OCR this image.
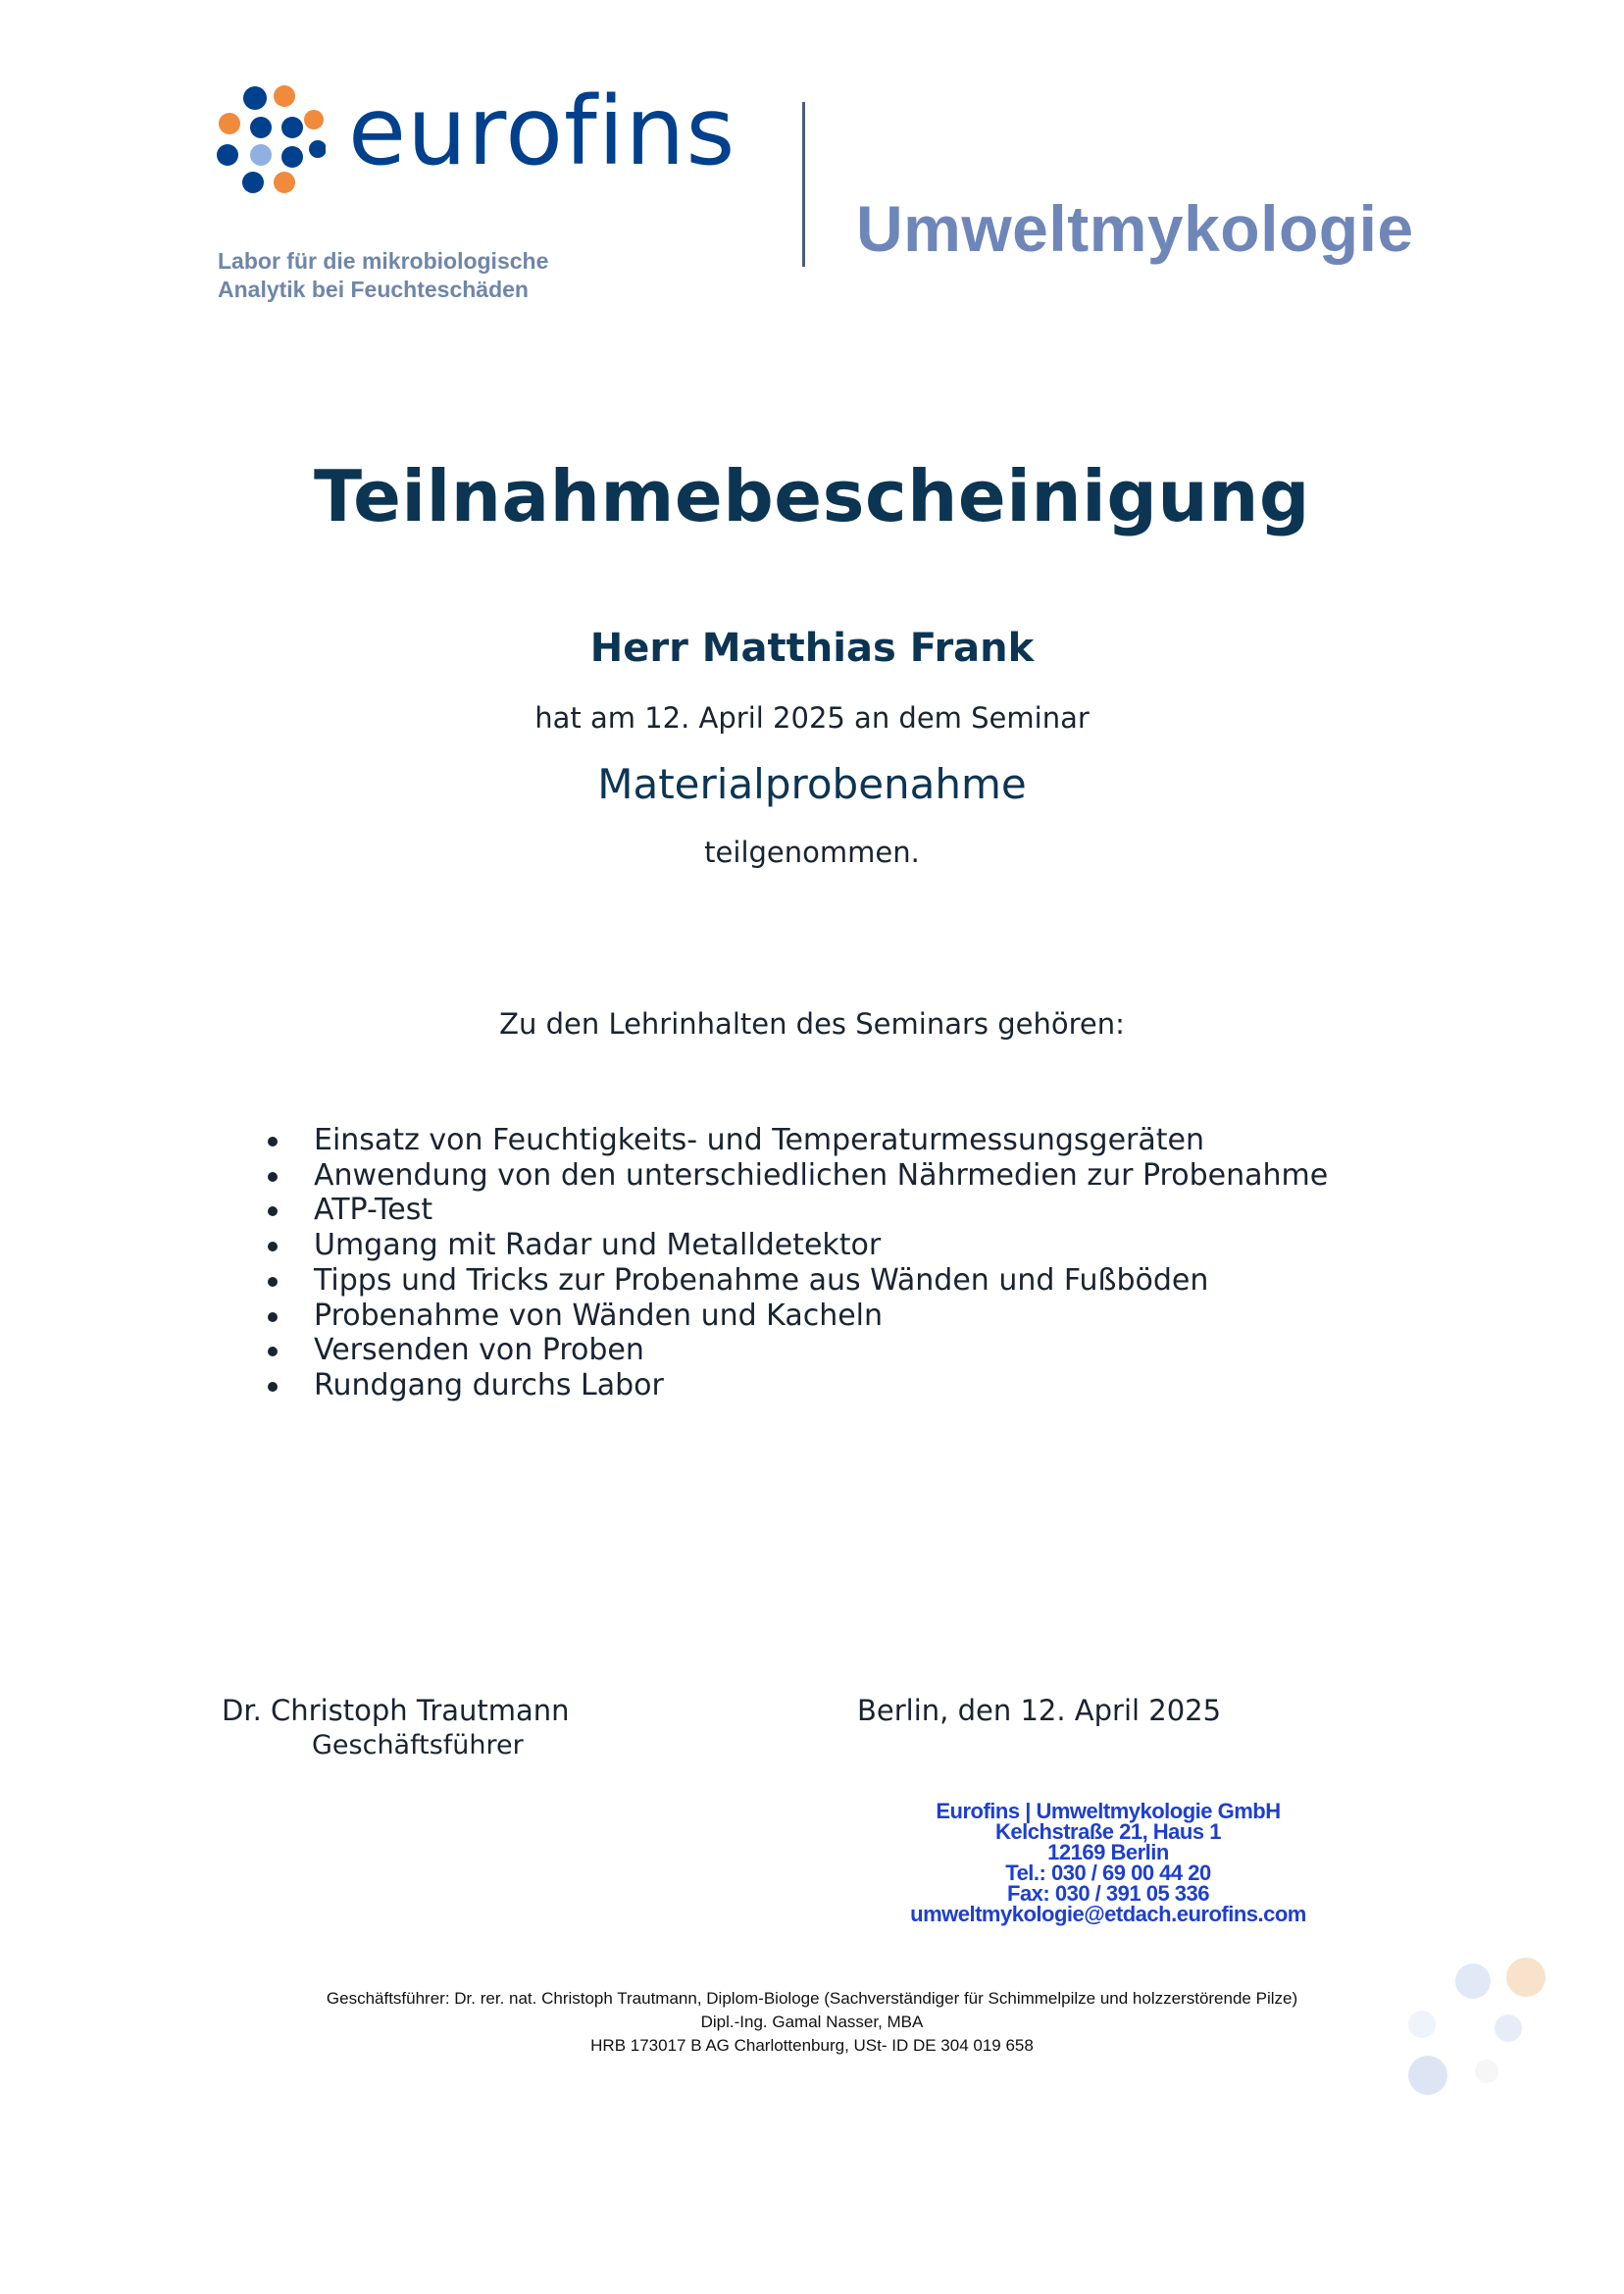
eurofins
Labor für die mikrobiologische
Analytik bei Feuchteschäden
Umweltmykologie
Teilnahmebescheinigung
Herr Matthias Frank
hat am 12. April 2025 an dem Seminar
Materialprobenahme
teilgenommen.
Zu den Lehrinhalten des Seminars gehören:
Einsatz von Feuchtigkeits- und Temperaturmessungsgeräten
Anwendung von den unterschiedlichen Nährmedien zur Probenahme
ATP-Test
Umgang mit Radar und Metalldetektor
Tipps und Tricks zur Probenahme aus Wänden und Fußböden
Probenahme von Wänden und Kacheln
Versenden von Proben
Rundgang durchs Labor
Dr. Christoph Trautmann
Geschäftsführer
Berlin, den 12. April 2025
Eurofins | Umweltmykologie GmbH
Kelchstraße 21, Haus 1
12169 Berlin
Tel.: 030 / 69 00 44 20
Fax: 030 / 391 05 336
umweltmykologie@etdach.eurofins.com
Geschäftsführer: Dr. rer. nat. Christoph Trautmann, Diplom-Biologe (Sachverständiger für Schimmelpilze und holzzerstörende Pilze)
Dipl.-Ing. Gamal Nasser, MBA
HRB 173017 B AG Charlottenburg, USt- ID DE 304 019 658
